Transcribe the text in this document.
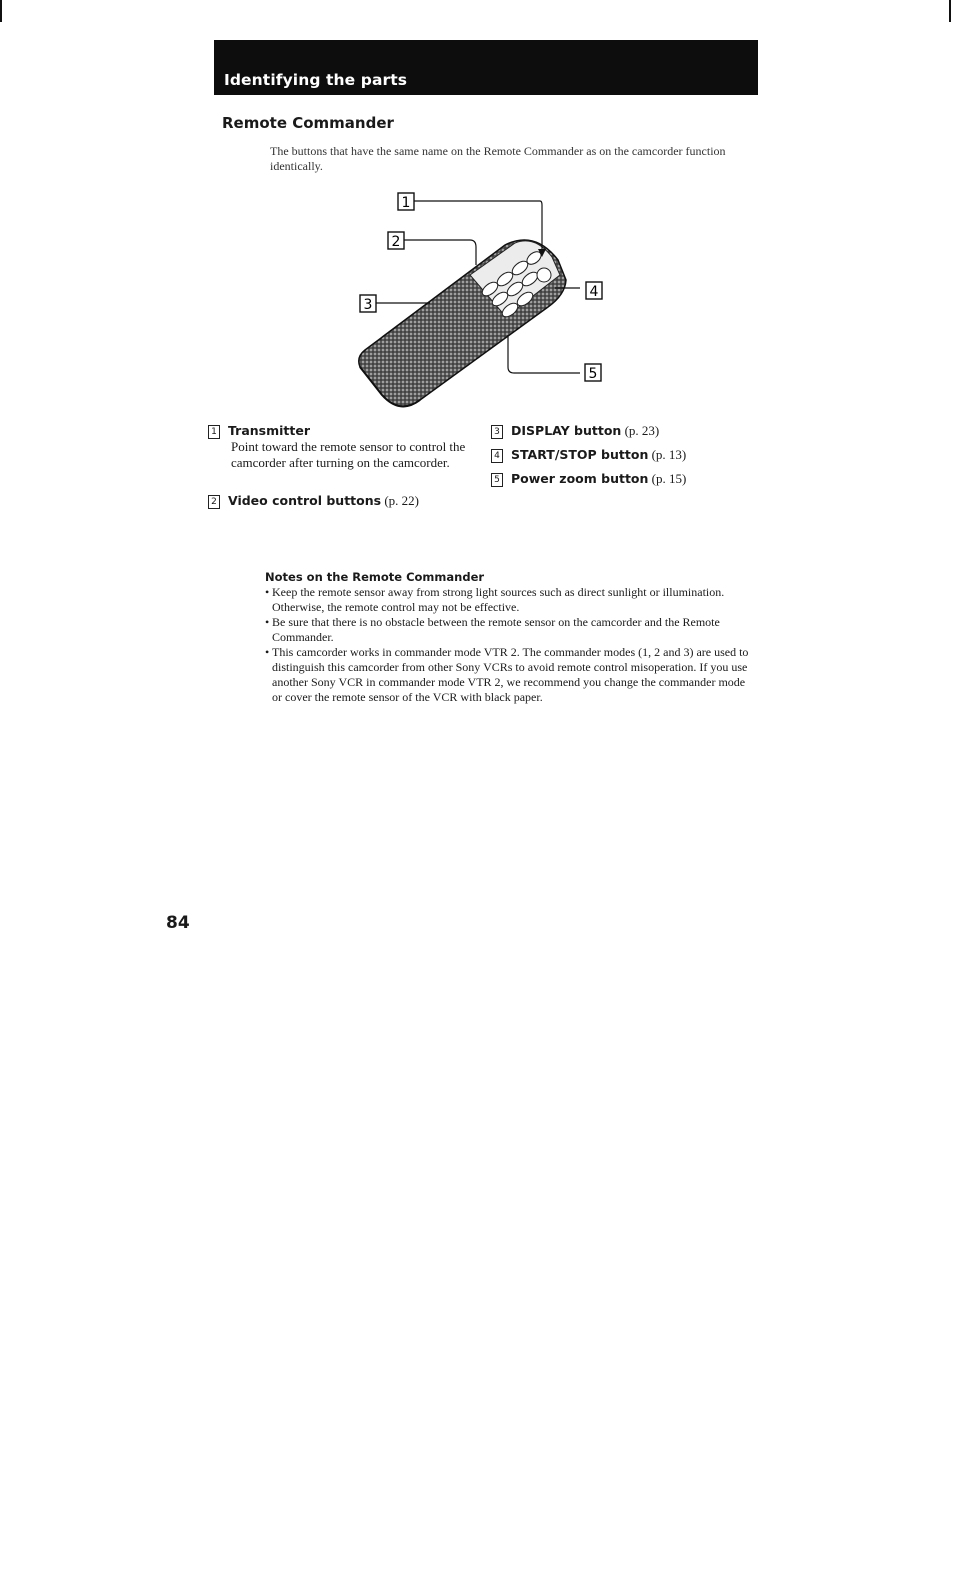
Identifying the parts
Remote Commander
The buttons that have the same name on the Remote Commander as on the camcorder function identically.
1
2
3
4
5
1 Transmitter
Point toward the remote sensor to control the camcorder after turning on the camcorder.
2 Video control buttons (p. 22)
3 DISPLAY button (p. 23)
4 START/STOP button (p. 13)
5 Power zoom button (p. 15)
Notes on the Remote Commander
• Keep the remote sensor away from strong light sources such as direct sunlight or illumination. Otherwise, the remote control may not be effective.
• Be sure that there is no obstacle between the remote sensor on the camcorder and the Remote Commander.
• This camcorder works in commander mode VTR 2. The commander modes (1, 2 and 3) are used to distinguish this camcorder from other Sony VCRs to avoid remote control misoperation. If you use another Sony VCR in commander mode VTR 2, we recommend you change the commander mode or cover the remote sensor of the VCR with black paper.
84
